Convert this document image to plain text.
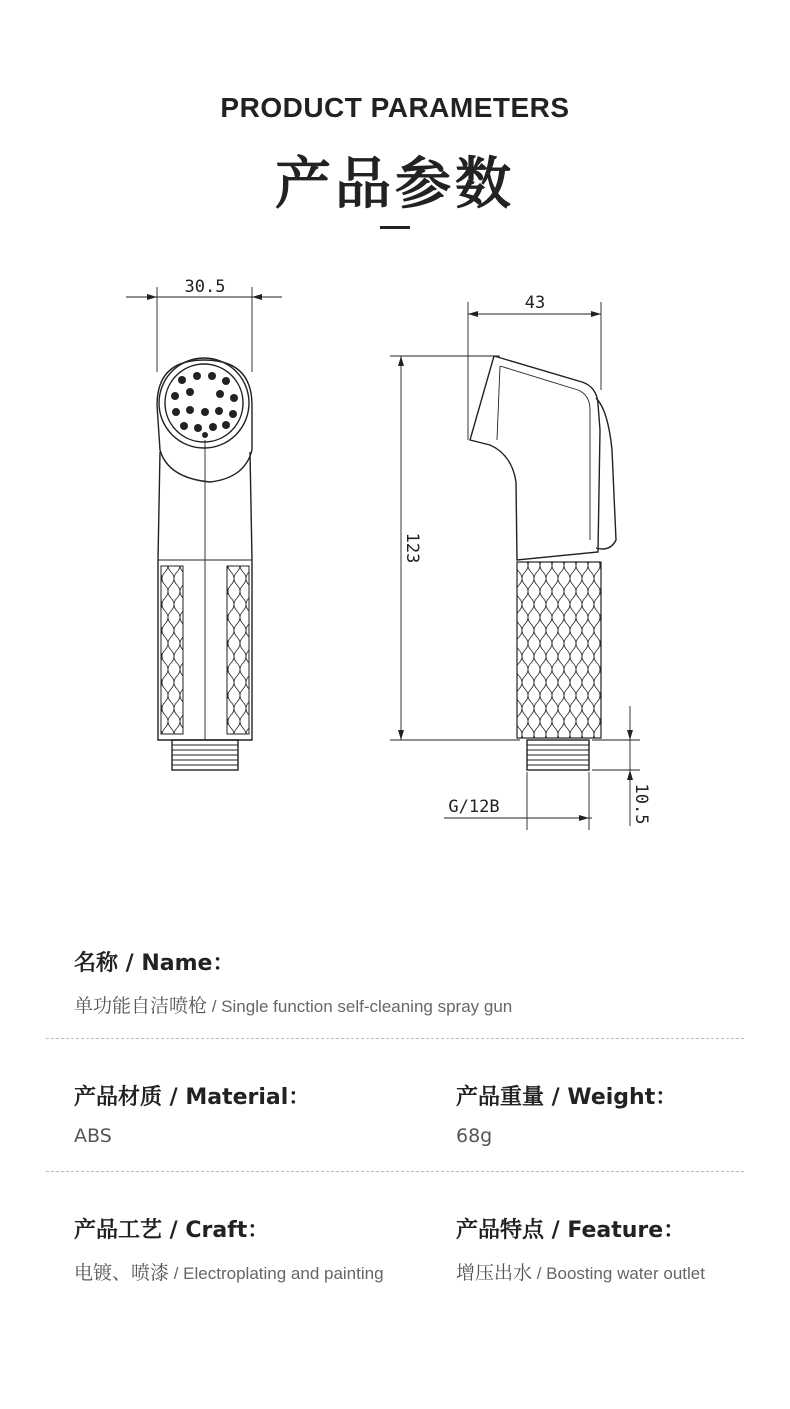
PRODUCT PARAMETERS
产品参数
30.5
43
123
G/12B	10.5
名称 / Name：
单功能自洁喷枪 / Single function self-cleaning spray gun
产品材质 / Material：
ABS
产品重量 / Weight：
68g
产品工艺 / Craft：
电镀、喷漆 / Electroplating and painting
产品特点 / Feature：
增压出水 / Boosting water outlet
